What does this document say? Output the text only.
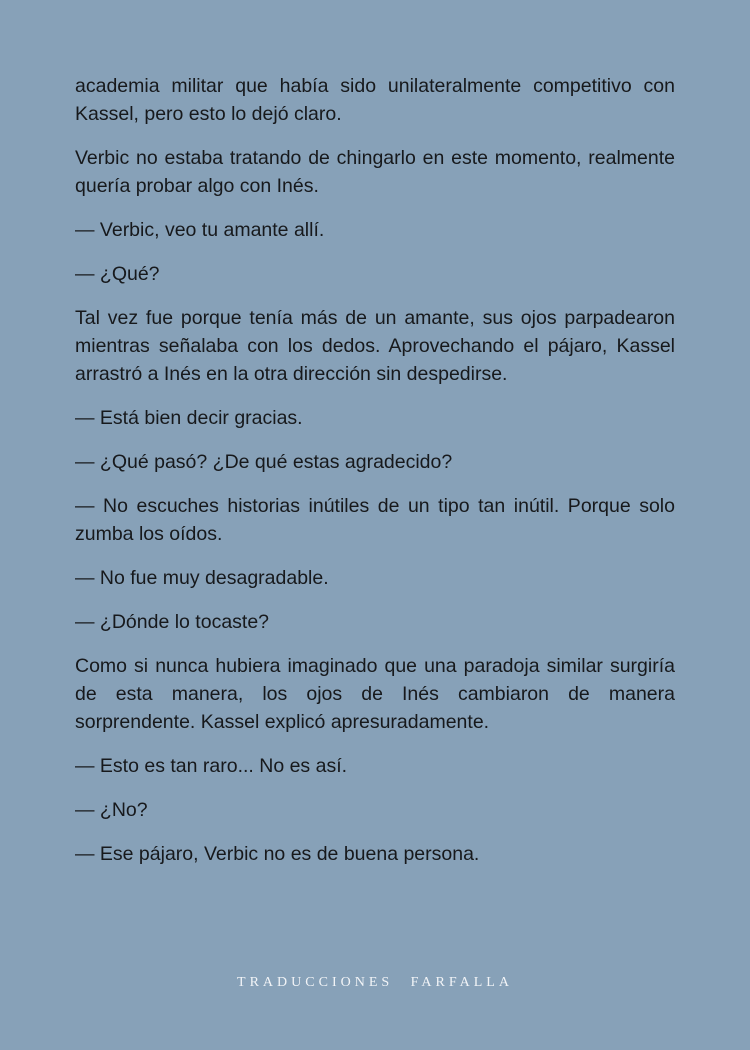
academia militar que había sido unilateralmente competitivo con Kassel, pero esto lo dejó claro.

Verbic no estaba tratando de chingarlo en este momento, realmente quería probar algo con Inés.

— Verbic, veo tu amante allí.

— ¿Qué?

Tal vez fue porque tenía más de un amante, sus ojos parpadearon mientras señalaba con los dedos. Aprovechando el pájaro, Kassel arrastró a Inés en la otra dirección sin despedirse.

— Está bien decir gracias.

— ¿Qué pasó? ¿De qué estas agradecido?

— No escuches historias inútiles de un tipo tan inútil. Porque solo zumba los oídos.

— No fue muy desagradable.

— ¿Dónde lo tocaste?

Como si nunca hubiera imaginado que una paradoja similar surgiría de esta manera, los ojos de Inés cambiaron de manera sorprendente. Kassel explicó apresuradamente.

— Esto es tan raro... No es así.

— ¿No?

— Ese pájaro, Verbic no es de buena persona.

TRADUCCIONES FARFALLA
